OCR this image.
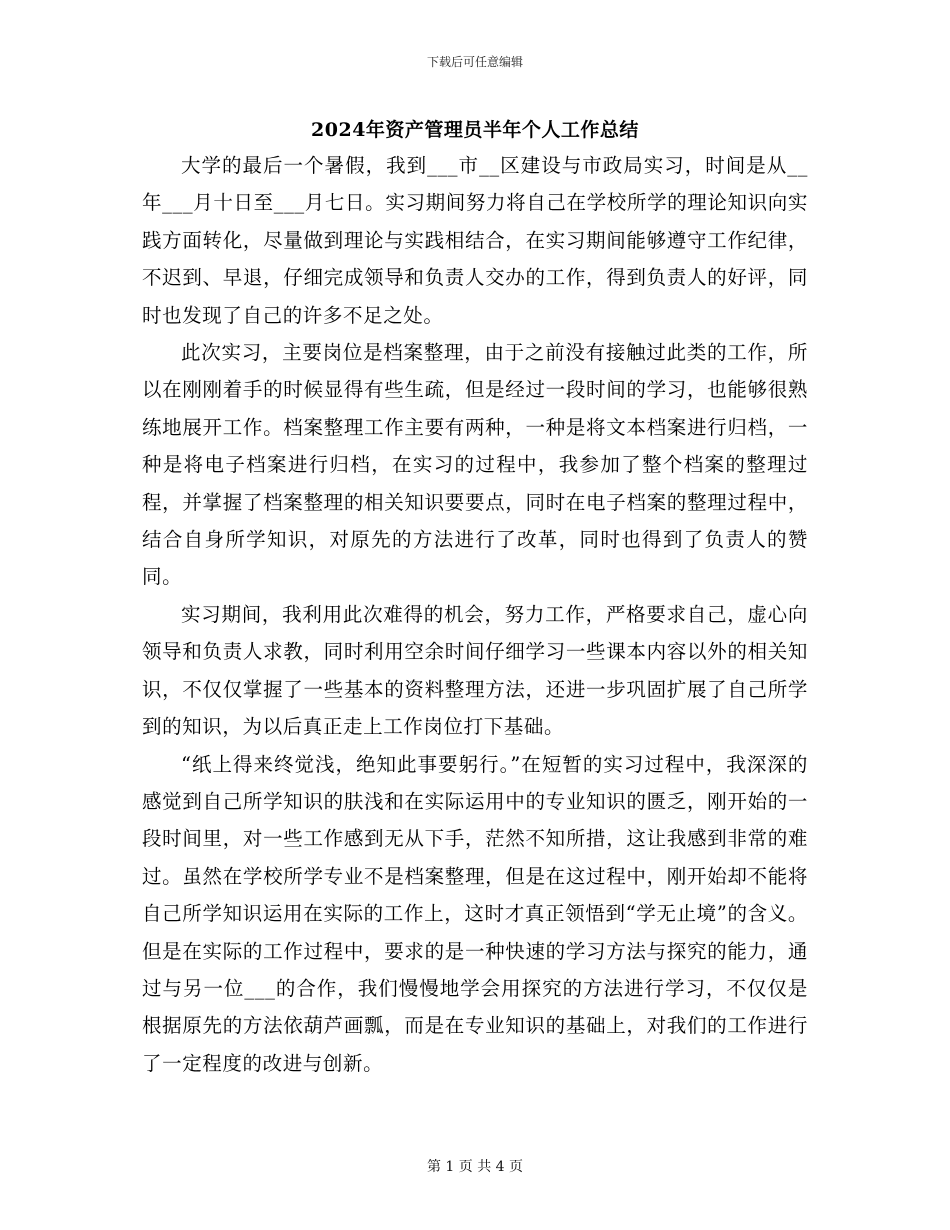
下载后可任意编辑
2024年资产管理员半年个人工作总结

大学的最后一个暑假，我到___市__区建设与市政局实习，时间是从__年___月十日至___月七日。实习期间努力将自己在学校所学的理论知识向实践方面转化，尽量做到理论与实践相结合，在实习期间能够遵守工作纪律，不迟到、早退，仔细完成领导和负责人交办的工作，得到负责人的好评，同时也发现了自己的许多不足之处。

此次实习，主要岗位是档案整理，由于之前没有接触过此类的工作，所以在刚刚着手的时候显得有些生疏，但是经过一段时间的学习，也能够很熟练地展开工作。档案整理工作主要有两种，一种是将文本档案进行归档，一种是将电子档案进行归档，在实习的过程中，我参加了整个档案的整理过程，并掌握了档案整理的相关知识要要点，同时在电子档案的整理过程中，结合自身所学知识，对原先的方法进行了改革，同时也得到了负责人的赞同。

实习期间，我利用此次难得的机会，努力工作，严格要求自己，虚心向领导和负责人求教，同时利用空余时间仔细学习一些课本内容以外的相关知识，不仅仅掌握了一些基本的资料整理方法，还进一步巩固扩展了自己所学到的知识，为以后真正走上工作岗位打下基础。

“纸上得来终觉浅，绝知此事要躬行。”在短暂的实习过程中，我深深的感觉到自己所学知识的肤浅和在实际运用中的专业知识的匮乏，刚开始的一段时间里，对一些工作感到无从下手，茫然不知所措，这让我感到非常的难过。虽然在学校所学专业不是档案整理，但是在这过程中，刚开始却不能将自己所学知识运用在实际的工作上，这时才真正领悟到“学无止境”的含义。但是在实际的工作过程中，要求的是一种快速的学习方法与探究的能力，通过与另一位___的合作，我们慢慢地学会用探究的方法进行学习，不仅仅是根据原先的方法依葫芦画瓢，而是在专业知识的基础上，对我们的工作进行了一定程度的改进与创新。

第 1 页 共 4 页
